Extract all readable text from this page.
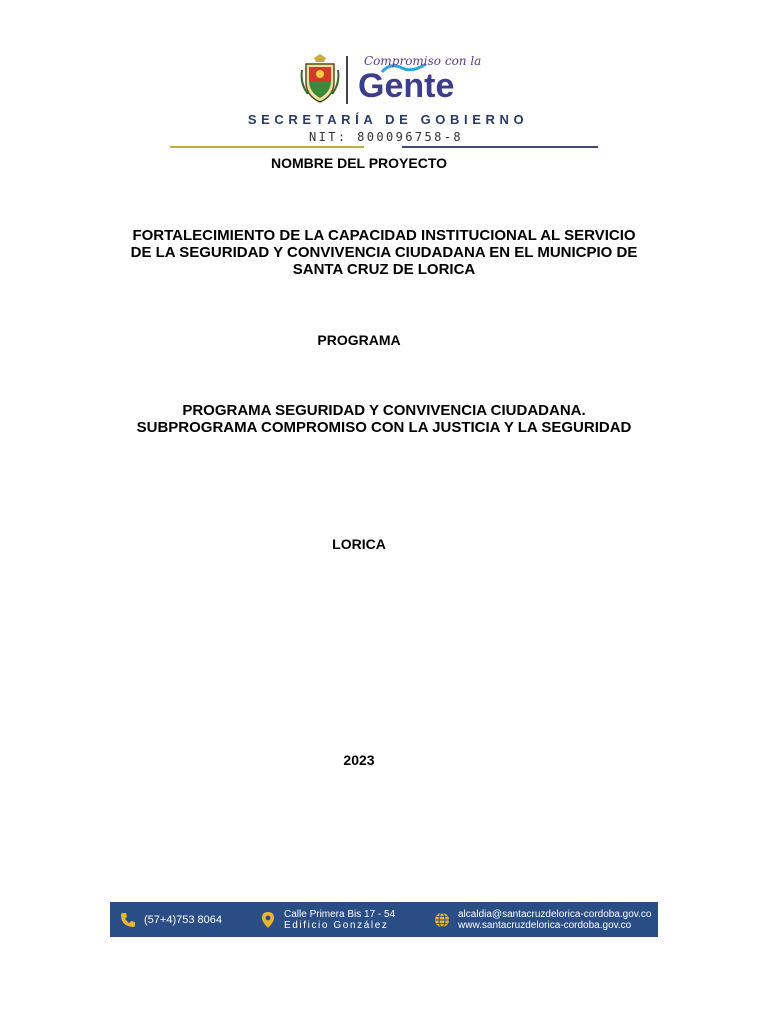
Compromiso con la
Gente
SECRETARÍA DE GOBIERNO
NIT: 800096758-8
NOMBRE DEL PROYECTO
FORTALECIMIENTO DE LA CAPACIDAD INSTITUCIONAL AL SERVICIO
DE LA SEGURIDAD Y CONVIVENCIA CIUDADANA EN EL MUNICPIO DE
SANTA CRUZ DE LORICA
PROGRAMA
PROGRAMA SEGURIDAD Y CONVIVENCIA CIUDADANA.
SUBPROGRAMA COMPROMISO CON LA JUSTICIA Y LA SEGURIDAD
LORICA
2023
(57+4)753 8064	Calle Primera Bis 17 - 54
Edificio González
alcaldia@santacruzdelorica-cordoba.gov.co
www.santacruzdelorica-cordoba.gov.co
